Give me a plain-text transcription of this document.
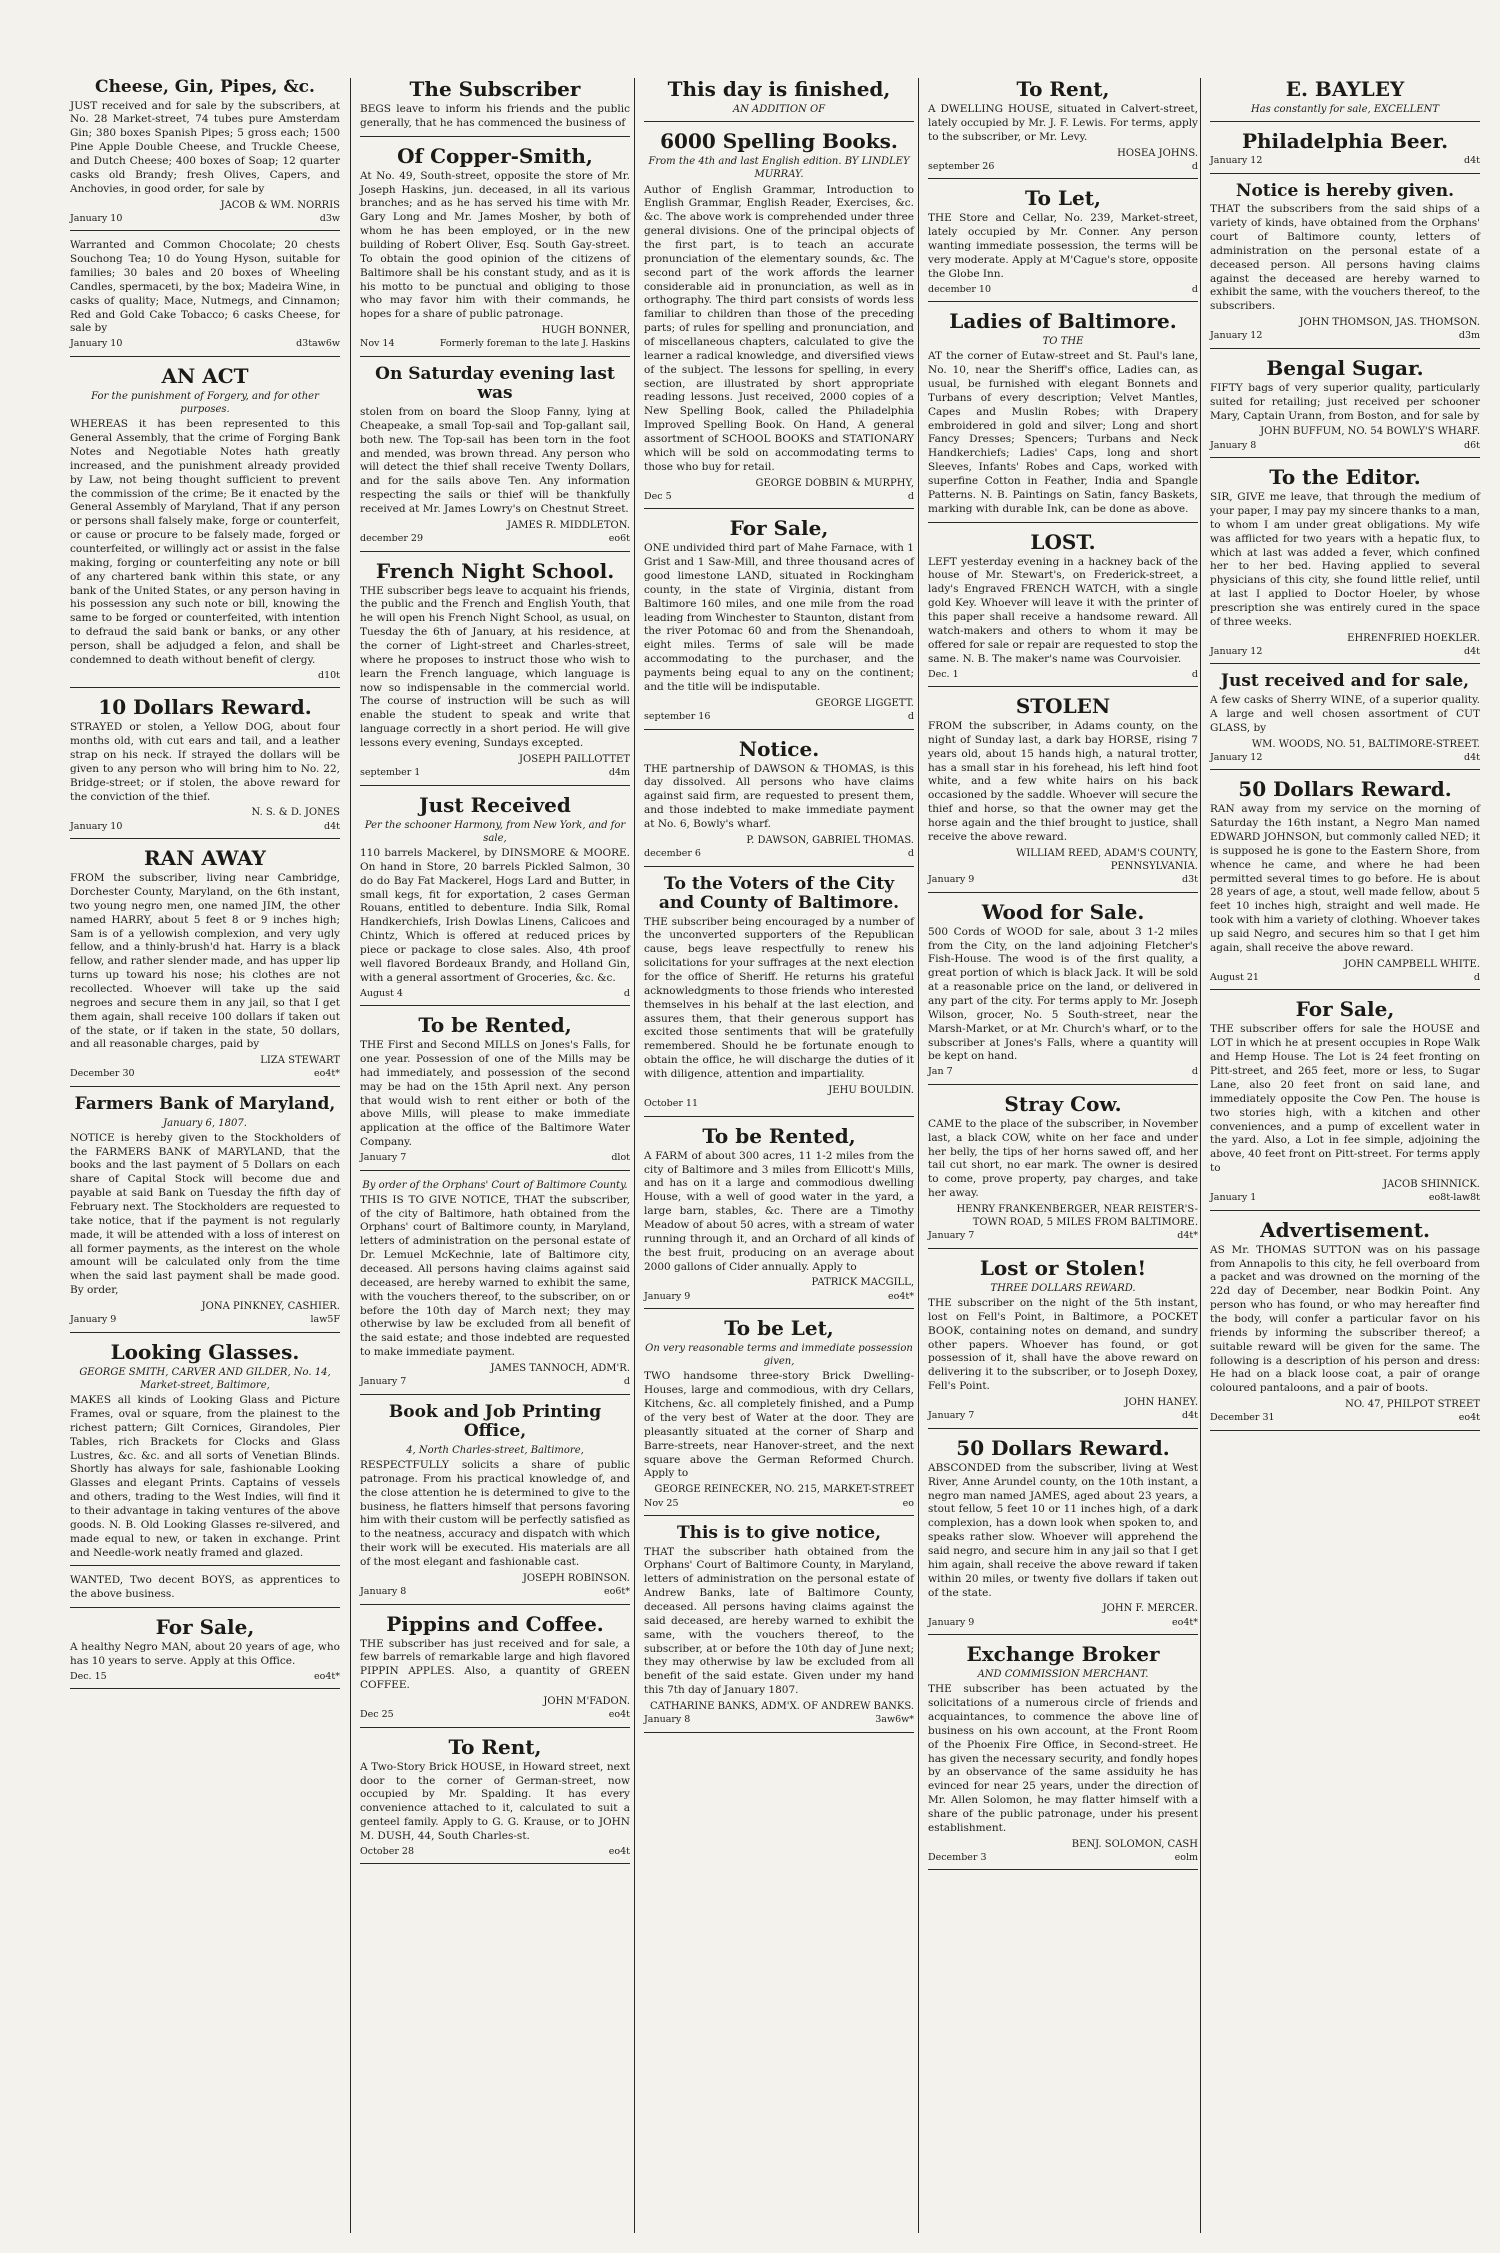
Cheese, Gin, Pipes, &c.
JUST received and for sale by the subscribers, at No. 28 Market-street, 74 tubes pure Amsterdam Gin; 380 boxes Spanish Pipes; 5 gross each; 1500 Pine Apple Double Cheese, and Truckle Cheese, and Dutch Cheese; 400 boxes of Soap; 12 quarter casks old Brandy; fresh Olives, Capers, and Anchovies, in good order, for sale by
JACOB & WM. NORRIS
January 10	d3w
Warranted and Common Chocolate; 20 chests Souchong Tea; 10 do Young Hyson, suitable for families; 30 bales and 20 boxes of Wheeling Candles, spermaceti, by the box; Madeira Wine, in casks of quality; Mace, Nutmegs, and Cinnamon; Red and Gold Cake Tobacco; 6 casks Cheese, for sale by
January 10	d3taw6w
AN ACT
For the punishment of Forgery, and for other purposes.
WHEREAS it has been represented to this General Assembly, that the crime of Forging Bank Notes and Negotiable Notes hath greatly increased, and the punishment already provided by Law, not being thought sufficient to prevent the commission of the crime; Be it enacted by the General Assembly of Maryland, That if any person or persons shall falsely make, forge or counterfeit, or cause or procure to be falsely made, forged or counterfeited, or willingly act or assist in the false making, forging or counterfeiting any note or bill of any chartered bank within this state, or any bank of the United States, or any person having in his possession any such note or bill, knowing the same to be forged or counterfeited, with intention to defraud the said bank or banks, or any other person, shall be adjudged a felon, and shall be condemned to death without benefit of clergy.
d10t
10 Dollars Reward.
STRAYED or stolen, a Yellow DOG, about four months old, with cut ears and tail, and a leather strap on his neck. If strayed the dollars will be given to any person who will bring him to No. 22, Bridge-street; or if stolen, the above reward for the conviction of the thief.
N. S. & D. JONES
January 10	d4t
RAN AWAY
FROM the subscriber, living near Cambridge, Dorchester County, Maryland, on the 6th instant, two young negro men, one named JIM, the other named HARRY, about 5 feet 8 or 9 inches high; Sam is of a yellowish complexion, and very ugly fellow, and a thinly-brush'd hat. Harry is a black fellow, and rather slender made, and has upper lip turns up toward his nose; his clothes are not recollected. Whoever will take up the said negroes and secure them in any jail, so that I get them again, shall receive 100 dollars if taken out of the state, or if taken in the state, 50 dollars, and all reasonable charges, paid by
LIZA STEWART
December 30	eo4t*
Farmers Bank of Maryland,
January 6, 1807.
NOTICE is hereby given to the Stockholders of the FARMERS BANK of MARYLAND, that the books and the last payment of 5 Dollars on each share of Capital Stock will become due and payable at said Bank on Tuesday the fifth day of February next. The Stockholders are requested to take notice, that if the payment is not regularly made, it will be attended with a loss of interest on all former payments, as the interest on the whole amount will be calculated only from the time when the said last payment shall be made good. By order,
JONA PINKNEY, CASHIER.
January 9	law5F
Looking Glasses.
GEORGE SMITH, CARVER AND GILDER, No. 14, Market-street, Baltimore,
MAKES all kinds of Looking Glass and Picture Frames, oval or square, from the plainest to the richest pattern; Gilt Cornices, Girandoles, Pier Tables, rich Brackets for Clocks and Glass Lustres, &c. &c. and all sorts of Venetian Blinds. Shortly has always for sale, fashionable Looking Glasses and elegant Prints. Captains of vessels and others, trading to the West Indies, will find it to their advantage in taking ventures of the above goods. N. B. Old Looking Glasses re-silvered, and made equal to new, or taken in exchange. Print and Needle-work neatly framed and glazed.
WANTED, Two decent BOYS, as apprentices to the above business.
For Sale,
A healthy Negro MAN, about 20 years of age, who has 10 years to serve. Apply at this Office.
Dec. 15	eo4t*
The Subscriber
BEGS leave to inform his friends and the public generally, that he has commenced the business of
Of Copper-Smith,
At No. 49, South-street, opposite the store of Mr. Joseph Haskins, jun. deceased, in all its various branches; and as he has served his time with Mr. Gary Long and Mr. James Mosher, by both of whom he has been employed, or in the new building of Robert Oliver, Esq. South Gay-street. To obtain the good opinion of the citizens of Baltimore shall be his constant study, and as it is his motto to be punctual and obliging to those who may favor him with their commands, he hopes for a share of public patronage.
HUGH BONNER,
Nov 14	Formerly foreman to the late J. Haskins
On Saturday evening last was
stolen from on board the Sloop Fanny, lying at Cheapeake, a small Top-sail and Top-gallant sail, both new. The Top-sail has been torn in the foot and mended, was brown thread. Any person who will detect the thief shall receive Twenty Dollars, and for the sails above Ten. Any information respecting the sails or thief will be thankfully received at Mr. James Lowry's on Chestnut Street.
JAMES R. MIDDLETON.
december 29	eo6t
French Night School.
THE subscriber begs leave to acquaint his friends, the public and the French and English Youth, that he will open his French Night School, as usual, on Tuesday the 6th of January, at his residence, at the corner of Light-street and Charles-street, where he proposes to instruct those who wish to learn the French language, which language is now so indispensable in the commercial world. The course of instruction will be such as will enable the student to speak and write that language correctly in a short period. He will give lessons every evening, Sundays excepted.
JOSEPH PAILLOTTET
september 1	d4m
Just Received
Per the schooner Harmony, from New York, and for sale,
110 barrels Mackerel, by DINSMORE & MOORE. On hand in Store, 20 barrels Pickled Salmon, 30 do do Bay Fat Mackerel, Hogs Lard and Butter, in small kegs, fit for exportation, 2 cases German Rouans, entitled to debenture. India Silk, Romal Handkerchiefs, Irish Dowlas Linens, Calicoes and Chintz, Which is offered at reduced prices by piece or package to close sales. Also, 4th proof well flavored Bordeaux Brandy, and Holland Gin, with a general assortment of Groceries, &c. &c.
August 4	d
To be Rented,
THE First and Second MILLS on Jones's Falls, for one year. Possession of one of the Mills may be had immediately, and possession of the second may be had on the 15th April next. Any person that would wish to rent either or both of the above Mills, will please to make immediate application at the office of the Baltimore Water Company.
January 7	dlot
By order of the Orphans' Court of Baltimore County.
THIS IS TO GIVE NOTICE, THAT the subscriber, of the city of Baltimore, hath obtained from the Orphans' court of Baltimore county, in Maryland, letters of administration on the personal estate of Dr. Lemuel McKechnie, late of Baltimore city, deceased. All persons having claims against said deceased, are hereby warned to exhibit the same, with the vouchers thereof, to the subscriber, on or before the 10th day of March next; they may otherwise by law be excluded from all benefit of the said estate; and those indebted are requested to make immediate payment.
JAMES TANNOCH, ADM'R.
January 7	d
Book and Job Printing Office,
4, North Charles-street, Baltimore,
RESPECTFULLY solicits a share of public patronage. From his practical knowledge of, and the close attention he is determined to give to the business, he flatters himself that persons favoring him with their custom will be perfectly satisfied as to the neatness, accuracy and dispatch with which their work will be executed. His materials are all of the most elegant and fashionable cast.
JOSEPH ROBINSON.
January 8	eo6t*
Pippins and Coffee.
THE subscriber has just received and for sale, a few barrels of remarkable large and high flavored PIPPIN APPLES. Also, a quantity of GREEN COFFEE.
JOHN M'FADON.
Dec 25	eo4t
To Rent,
A Two-Story Brick HOUSE, in Howard street, next door to the corner of German-street, now occupied by Mr. Spalding. It has every convenience attached to it, calculated to suit a genteel family. Apply to G. G. Krause, or to JOHN M. DUSH, 44, South Charles-st.
October 28	eo4t
This day is finished,
AN ADDITION OF
6000 Spelling Books.
From the 4th and last English edition. BY LINDLEY MURRAY.
Author of English Grammar, Introduction to English Grammar, English Reader, Exercises, &c. &c. The above work is comprehended under three general divisions. One of the principal objects of the first part, is to teach an accurate pronunciation of the elementary sounds, &c. The second part of the work affords the learner considerable aid in pronunciation, as well as in orthography. The third part consists of words less familiar to children than those of the preceding parts; of rules for spelling and pronunciation, and of miscellaneous chapters, calculated to give the learner a radical knowledge, and diversified views of the subject. The lessons for spelling, in every section, are illustrated by short appropriate reading lessons. Just received, 2000 copies of a New Spelling Book, called the Philadelphia Improved Spelling Book. On Hand, A general assortment of SCHOOL BOOKS and STATIONARY which will be sold on accommodating terms to those who buy for retail.
GEORGE DOBBIN & MURPHY,
Dec 5	d
For Sale,
ONE undivided third part of Mahe Farnace, with 1 Grist and 1 Saw-Mill, and three thousand acres of good limestone LAND, situated in Rockingham county, in the state of Virginia, distant from Baltimore 160 miles, and one mile from the road leading from Winchester to Staunton, distant from the river Potomac 60 and from the Shenandoah, eight miles. Terms of sale will be made accommodating to the purchaser, and the payments being equal to any on the continent; and the title will be indisputable.
GEORGE LIGGETT.
september 16	d
Notice.
THE partnership of DAWSON & THOMAS, is this day dissolved. All persons who have claims against said firm, are requested to present them, and those indebted to make immediate payment at No. 6, Bowly's wharf.
P. DAWSON, GABRIEL THOMAS.
december 6	d
To the Voters of the City and County of Baltimore.
THE subscriber being encouraged by a number of the unconverted supporters of the Republican cause, begs leave respectfully to renew his solicitations for your suffrages at the next election for the office of Sheriff. He returns his grateful acknowledgments to those friends who interested themselves in his behalf at the last election, and assures them, that their generous support has excited those sentiments that will be gratefully remembered. Should he be fortunate enough to obtain the office, he will discharge the duties of it with diligence, attention and impartiality.
JEHU BOULDIN.
October 11
To be Rented,
A FARM of about 300 acres, 11 1-2 miles from the city of Baltimore and 3 miles from Ellicott's Mills, and has on it a large and commodious dwelling House, with a well of good water in the yard, a large barn, stables, &c. There are a Timothy Meadow of about 50 acres, with a stream of water running through it, and an Orchard of all kinds of the best fruit, producing on an average about 2000 gallons of Cider annually. Apply to
PATRICK MACGILL,
January 9	eo4t*
To be Let,
On very reasonable terms and immediate possession given,
TWO handsome three-story Brick Dwelling-Houses, large and commodious, with dry Cellars, Kitchens, &c. all completely finished, and a Pump of the very best of Water at the door. They are pleasantly situated at the corner of Sharp and Barre-streets, near Hanover-street, and the next square above the German Reformed Church. Apply to
GEORGE REINECKER, NO. 215, MARKET-STREET
Nov 25	eo
This is to give notice,
THAT the subscriber hath obtained from the Orphans' Court of Baltimore County, in Maryland, letters of administration on the personal estate of Andrew Banks, late of Baltimore County, deceased. All persons having claims against the said deceased, are hereby warned to exhibit the same, with the vouchers thereof, to the subscriber, at or before the 10th day of June next; they may otherwise by law be excluded from all benefit of the said estate. Given under my hand this 7th day of January 1807.
CATHARINE BANKS, ADM'X. OF ANDREW BANKS.
January 8	3aw6w*
To Rent,
A DWELLING HOUSE, situated in Calvert-street, lately occupied by Mr. J. F. Lewis. For terms, apply to the subscriber, or Mr. Levy.
HOSEA JOHNS.
september 26	d
To Let,
THE Store and Cellar, No. 239, Market-street, lately occupied by Mr. Conner. Any person wanting immediate possession, the terms will be very moderate. Apply at M'Cague's store, opposite the Globe Inn.
december 10	d
Ladies of Baltimore.
TO THE
AT the corner of Eutaw-street and St. Paul's lane, No. 10, near the Sheriff's office, Ladies can, as usual, be furnished with elegant Bonnets and Turbans of every description; Velvet Mantles, Capes and Muslin Robes; with Drapery embroidered in gold and silver; Long and short Fancy Dresses; Spencers; Turbans and Neck Handkerchiefs; Ladies' Caps, long and short Sleeves, Infants' Robes and Caps, worked with superfine Cotton in Feather, India and Spangle Patterns. N. B. Paintings on Satin, fancy Baskets, marking with durable Ink, can be done as above.
LOST.
LEFT yesterday evening in a hackney back of the house of Mr. Stewart's, on Frederick-street, a lady's Engraved FRENCH WATCH, with a single gold Key. Whoever will leave it with the printer of this paper shall receive a handsome reward. All watch-makers and others to whom it may be offered for sale or repair are requested to stop the same. N. B. The maker's name was Courvoisier.
Dec. 1	d
STOLEN
FROM the subscriber, in Adams county, on the night of Sunday last, a dark bay HORSE, rising 7 years old, about 15 hands high, a natural trotter, has a small star in his forehead, his left hind foot white, and a few white hairs on his back occasioned by the saddle. Whoever will secure the thief and horse, so that the owner may get the horse again and the thief brought to justice, shall receive the above reward.
WILLIAM REED, ADAM'S COUNTY, PENNSYLVANIA.
January 9	d3t
Wood for Sale.
500 Cords of WOOD for sale, about 3 1-2 miles from the City, on the land adjoining Fletcher's Fish-House. The wood is of the first quality, a great portion of which is black Jack. It will be sold at a reasonable price on the land, or delivered in any part of the city. For terms apply to Mr. Joseph Wilson, grocer, No. 5 South-street, near the Marsh-Market, or at Mr. Church's wharf, or to the subscriber at Jones's Falls, where a quantity will be kept on hand.
Jan 7	d
Stray Cow.
CAME to the place of the subscriber, in November last, a black COW, white on her face and under her belly, the tips of her horns sawed off, and her tail cut short, no ear mark. The owner is desired to come, prove property, pay charges, and take her away.
HENRY FRANKENBERGER, NEAR REISTER'S-TOWN ROAD, 5 MILES FROM BALTIMORE.
January 7	d4t*
Lost or Stolen!
THREE DOLLARS REWARD.
THE subscriber on the night of the 5th instant, lost on Fell's Point, in Baltimore, a POCKET BOOK, containing notes on demand, and sundry other papers. Whoever has found, or got possession of it, shall have the above reward on delivering it to the subscriber, or to Joseph Doxey, Fell's Point.
JOHN HANEY.
January 7	d4t
50 Dollars Reward.
ABSCONDED from the subscriber, living at West River, Anne Arundel county, on the 10th instant, a negro man named JAMES, aged about 23 years, a stout fellow, 5 feet 10 or 11 inches high, of a dark complexion, has a down look when spoken to, and speaks rather slow. Whoever will apprehend the said negro, and secure him in any jail so that I get him again, shall receive the above reward if taken within 20 miles, or twenty five dollars if taken out of the state.
JOHN F. MERCER.
January 9	eo4t*
Exchange Broker
AND COMMISSION MERCHANT.
THE subscriber has been actuated by the solicitations of a numerous circle of friends and acquaintances, to commence the above line of business on his own account, at the Front Room of the Phoenix Fire Office, in Second-street. He has given the necessary security, and fondly hopes by an observance of the same assiduity he has evinced for near 25 years, under the direction of Mr. Allen Solomon, he may flatter himself with a share of the public patronage, under his present establishment.
BENJ. SOLOMON, CASH
December 3	eolm
E. BAYLEY
Has constantly for sale, EXCELLENT
Philadelphia Beer.
January 12	d4t
Notice is hereby given.
THAT the subscribers from the said ships of a variety of kinds, have obtained from the Orphans' court of Baltimore county, letters of administration on the personal estate of a deceased person. All persons having claims against the deceased are hereby warned to exhibit the same, with the vouchers thereof, to the subscribers.
JOHN THOMSON, JAS. THOMSON.
January 12	d3m
Bengal Sugar.
FIFTY bags of very superior quality, particularly suited for retailing; just received per schooner Mary, Captain Urann, from Boston, and for sale by
JOHN BUFFUM, NO. 54 BOWLY'S WHARF.
January 8	d6t
To the Editor.
SIR, GIVE me leave, that through the medium of your paper, I may pay my sincere thanks to a man, to whom I am under great obligations. My wife was afflicted for two years with a hepatic flux, to which at last was added a fever, which confined her to her bed. Having applied to several physicians of this city, she found little relief, until at last I applied to Doctor Hoeler, by whose prescription she was entirely cured in the space of three weeks.
EHRENFRIED HOEKLER.
January 12	d4t
Just received and for sale,
A few casks of Sherry WINE, of a superior quality. A large and well chosen assortment of CUT GLASS, by
WM. WOODS, NO. 51, BALTIMORE-STREET.
January 12	d4t
50 Dollars Reward.
RAN away from my service on the morning of Saturday the 16th instant, a Negro Man named EDWARD JOHNSON, but commonly called NED; it is supposed he is gone to the Eastern Shore, from whence he came, and where he had been permitted several times to go before. He is about 28 years of age, a stout, well made fellow, about 5 feet 10 inches high, straight and well made. He took with him a variety of clothing. Whoever takes up said Negro, and secures him so that I get him again, shall receive the above reward.
JOHN CAMPBELL WHITE.
August 21	d
For Sale,
THE subscriber offers for sale the HOUSE and LOT in which he at present occupies in Rope Walk and Hemp House. The Lot is 24 feet fronting on Pitt-street, and 265 feet, more or less, to Sugar Lane, also 20 feet front on said lane, and immediately opposite the Cow Pen. The house is two stories high, with a kitchen and other conveniences, and a pump of excellent water in the yard. Also, a Lot in fee simple, adjoining the above, 40 feet front on Pitt-street. For terms apply to
JACOB SHINNICK.
January 1	eo8t-law8t
Advertisement.
AS Mr. THOMAS SUTTON was on his passage from Annapolis to this city, he fell overboard from a packet and was drowned on the morning of the 22d day of December, near Bodkin Point. Any person who has found, or who may hereafter find the body, will confer a particular favor on his friends by informing the subscriber thereof; a suitable reward will be given for the same. The following is a description of his person and dress: He had on a black loose coat, a pair of orange coloured pantaloons, and a pair of boots.
NO. 47, PHILPOT STREET
December 31	eo4t
